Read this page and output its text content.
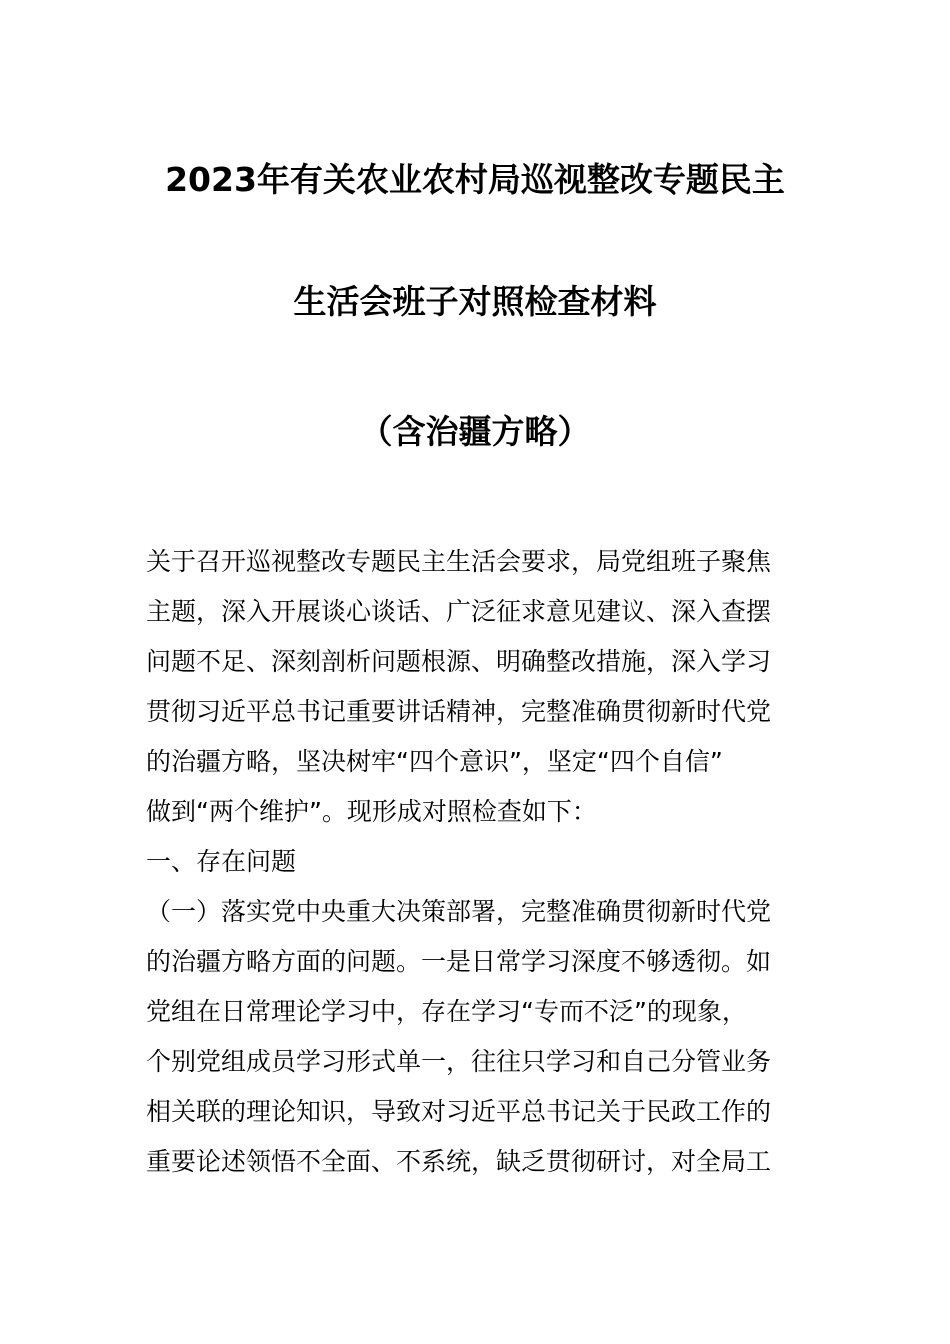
2023年有关农业农村局巡视整改专题民主
生活会班子对照检查材料
（含治疆方略）
关于召开巡视整改专题民主生活会要求，局党组班子聚焦
主题，深入开展谈心谈话、广泛征求意见建议、深入查摆
问题不足、深刻剖析问题根源、明确整改措施，深入学习
贯彻习近平总书记重要讲话精神，完整准确贯彻新时代党
的治疆方略，坚决树牢“四个意识”，坚定“四个自信”
做到“两个维护”。现形成对照检查如下：
一、存在问题
（一）落实党中央重大决策部署，完整准确贯彻新时代党
的治疆方略方面的问题。一是日常学习深度不够透彻。如
党组在日常理论学习中，存在学习“专而不泛”的现象，
个别党组成员学习形式单一，往往只学习和自己分管业务
相关联的理论知识，导致对习近平总书记关于民政工作的
重要论述领悟不全面、不系统，缺乏贯彻研讨，对全局工
